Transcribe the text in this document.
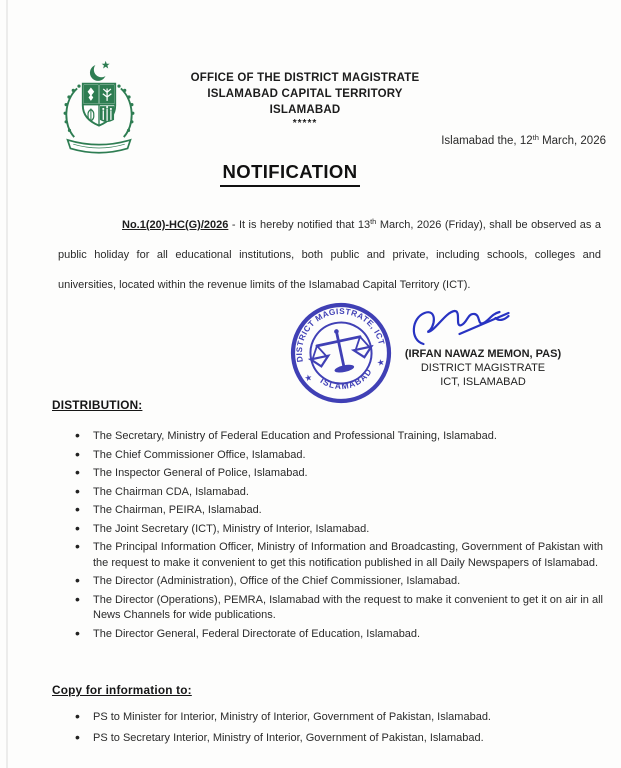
OFFICE OF THE DISTRICT MAGISTRATE
ISLAMABAD CAPITAL TERRITORY
ISLAMABAD
*****
Islamabad the, 12th March, 2026
NOTIFICATION

No.1(20)-HC(G)/2026 - It is hereby notified that 13th March, 2026 (Friday), shall be observed as a public holiday for all educational institutions, both public and private, including schools, colleges and universities, located within the revenue limits of the Islamabad Capital Territory (ICT).

DISTRICT MAGISTRATE, ICT
ISLAMABAD
★
★
(IRFAN NAWAZ MEMON, PAS)
DISTRICT MAGISTRATE
ICT, ISLAMABAD
DISTRIBUTION:
• The Secretary, Ministry of Federal Education and Professional Training, Islamabad.
• The Chief Commissioner Office, Islamabad.
• The Inspector General of Police, Islamabad.
• The Chairman CDA, Islamabad.
• The Chairman, PEIRA, Islamabad.
• The Joint Secretary (ICT), Ministry of Interior, Islamabad.
• The Principal Information Officer, Ministry of Information and Broadcasting, Government of Pakistan with the request to make it convenient to get this notification published in all Daily Newspapers of Islamabad.
• The Director (Administration), Office of the Chief Commissioner, Islamabad.
• The Director (Operations), PEMRA, Islamabad with the request to make it convenient to get it on air in all News Channels for wide publications.
• The Director General, Federal Directorate of Education, Islamabad.
Copy for information to:
• PS to Minister for Interior, Ministry of Interior, Government of Pakistan, Islamabad.
• PS to Secretary Interior, Ministry of Interior, Government of Pakistan, Islamabad.
